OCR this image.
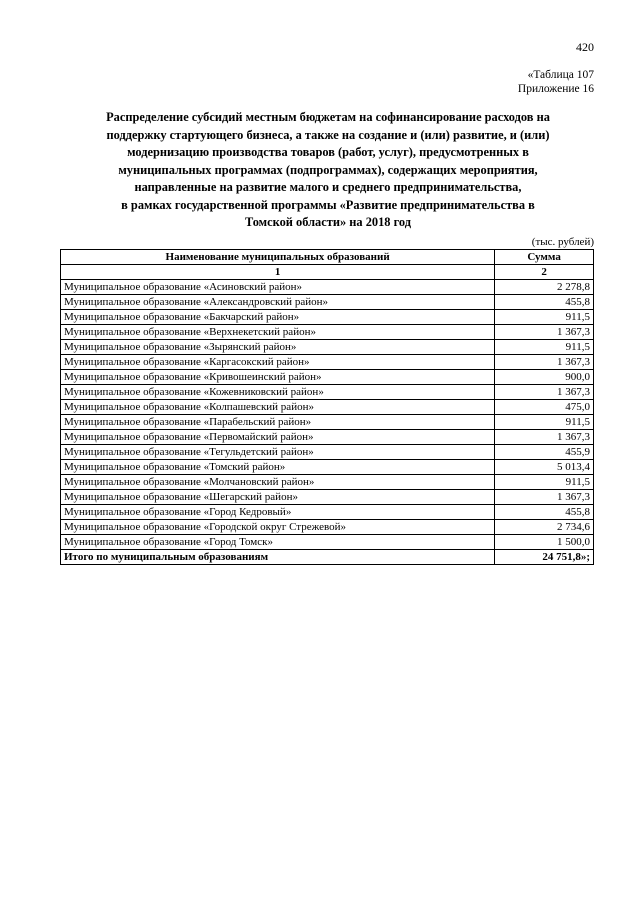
420
«Таблица 107
Приложение 16
Распределение субсидий местным бюджетам на софинансирование расходов на
поддержку стартующего бизнеса, а также на создание и (или) развитие, и (или)
модернизацию производства товаров (работ, услуг), предусмотренных в
муниципальных программах (подпрограммах), содержащих мероприятия,
направленные на развитие малого и среднего предпринимательства,
в рамках государственной программы «Развитие предпринимательства в
Томской области» на 2018 год
(тыс. рублей)
Наименование муниципальных образований	Сумма
1	2
Муниципальное образование «Асиновский район»	2 278,8
Муниципальное образование «Александровский район»	455,8
Муниципальное образование «Бакчарский район»	911,5
Муниципальное образование «Верхнекетский район»	1 367,3
Муниципальное образование «Зырянский район»	911,5
Муниципальное образование «Каргасокский район»	1 367,3
Муниципальное образование «Кривошеинский район»	900,0
Муниципальное образование «Кожевниковский район»	1 367,3
Муниципальное образование «Колпашевский район»	475,0
Муниципальное образование «Парабельский район»	911,5
Муниципальное образование «Первомайский район»	1 367,3
Муниципальное образование «Тегульдетский район»	455,9
Муниципальное образование «Томский район»	5 013,4
Муниципальное образование «Молчановский район»	911,5
Муниципальное образование «Шегарский район»	1 367,3
Муниципальное образование «Город Кедровый»	455,8
Муниципальное образование «Городской округ Стрежевой»	2 734,6
Муниципальное образование «Город Томск»	1 500,0
Итого по муниципальным образованиям	24 751,8»;
